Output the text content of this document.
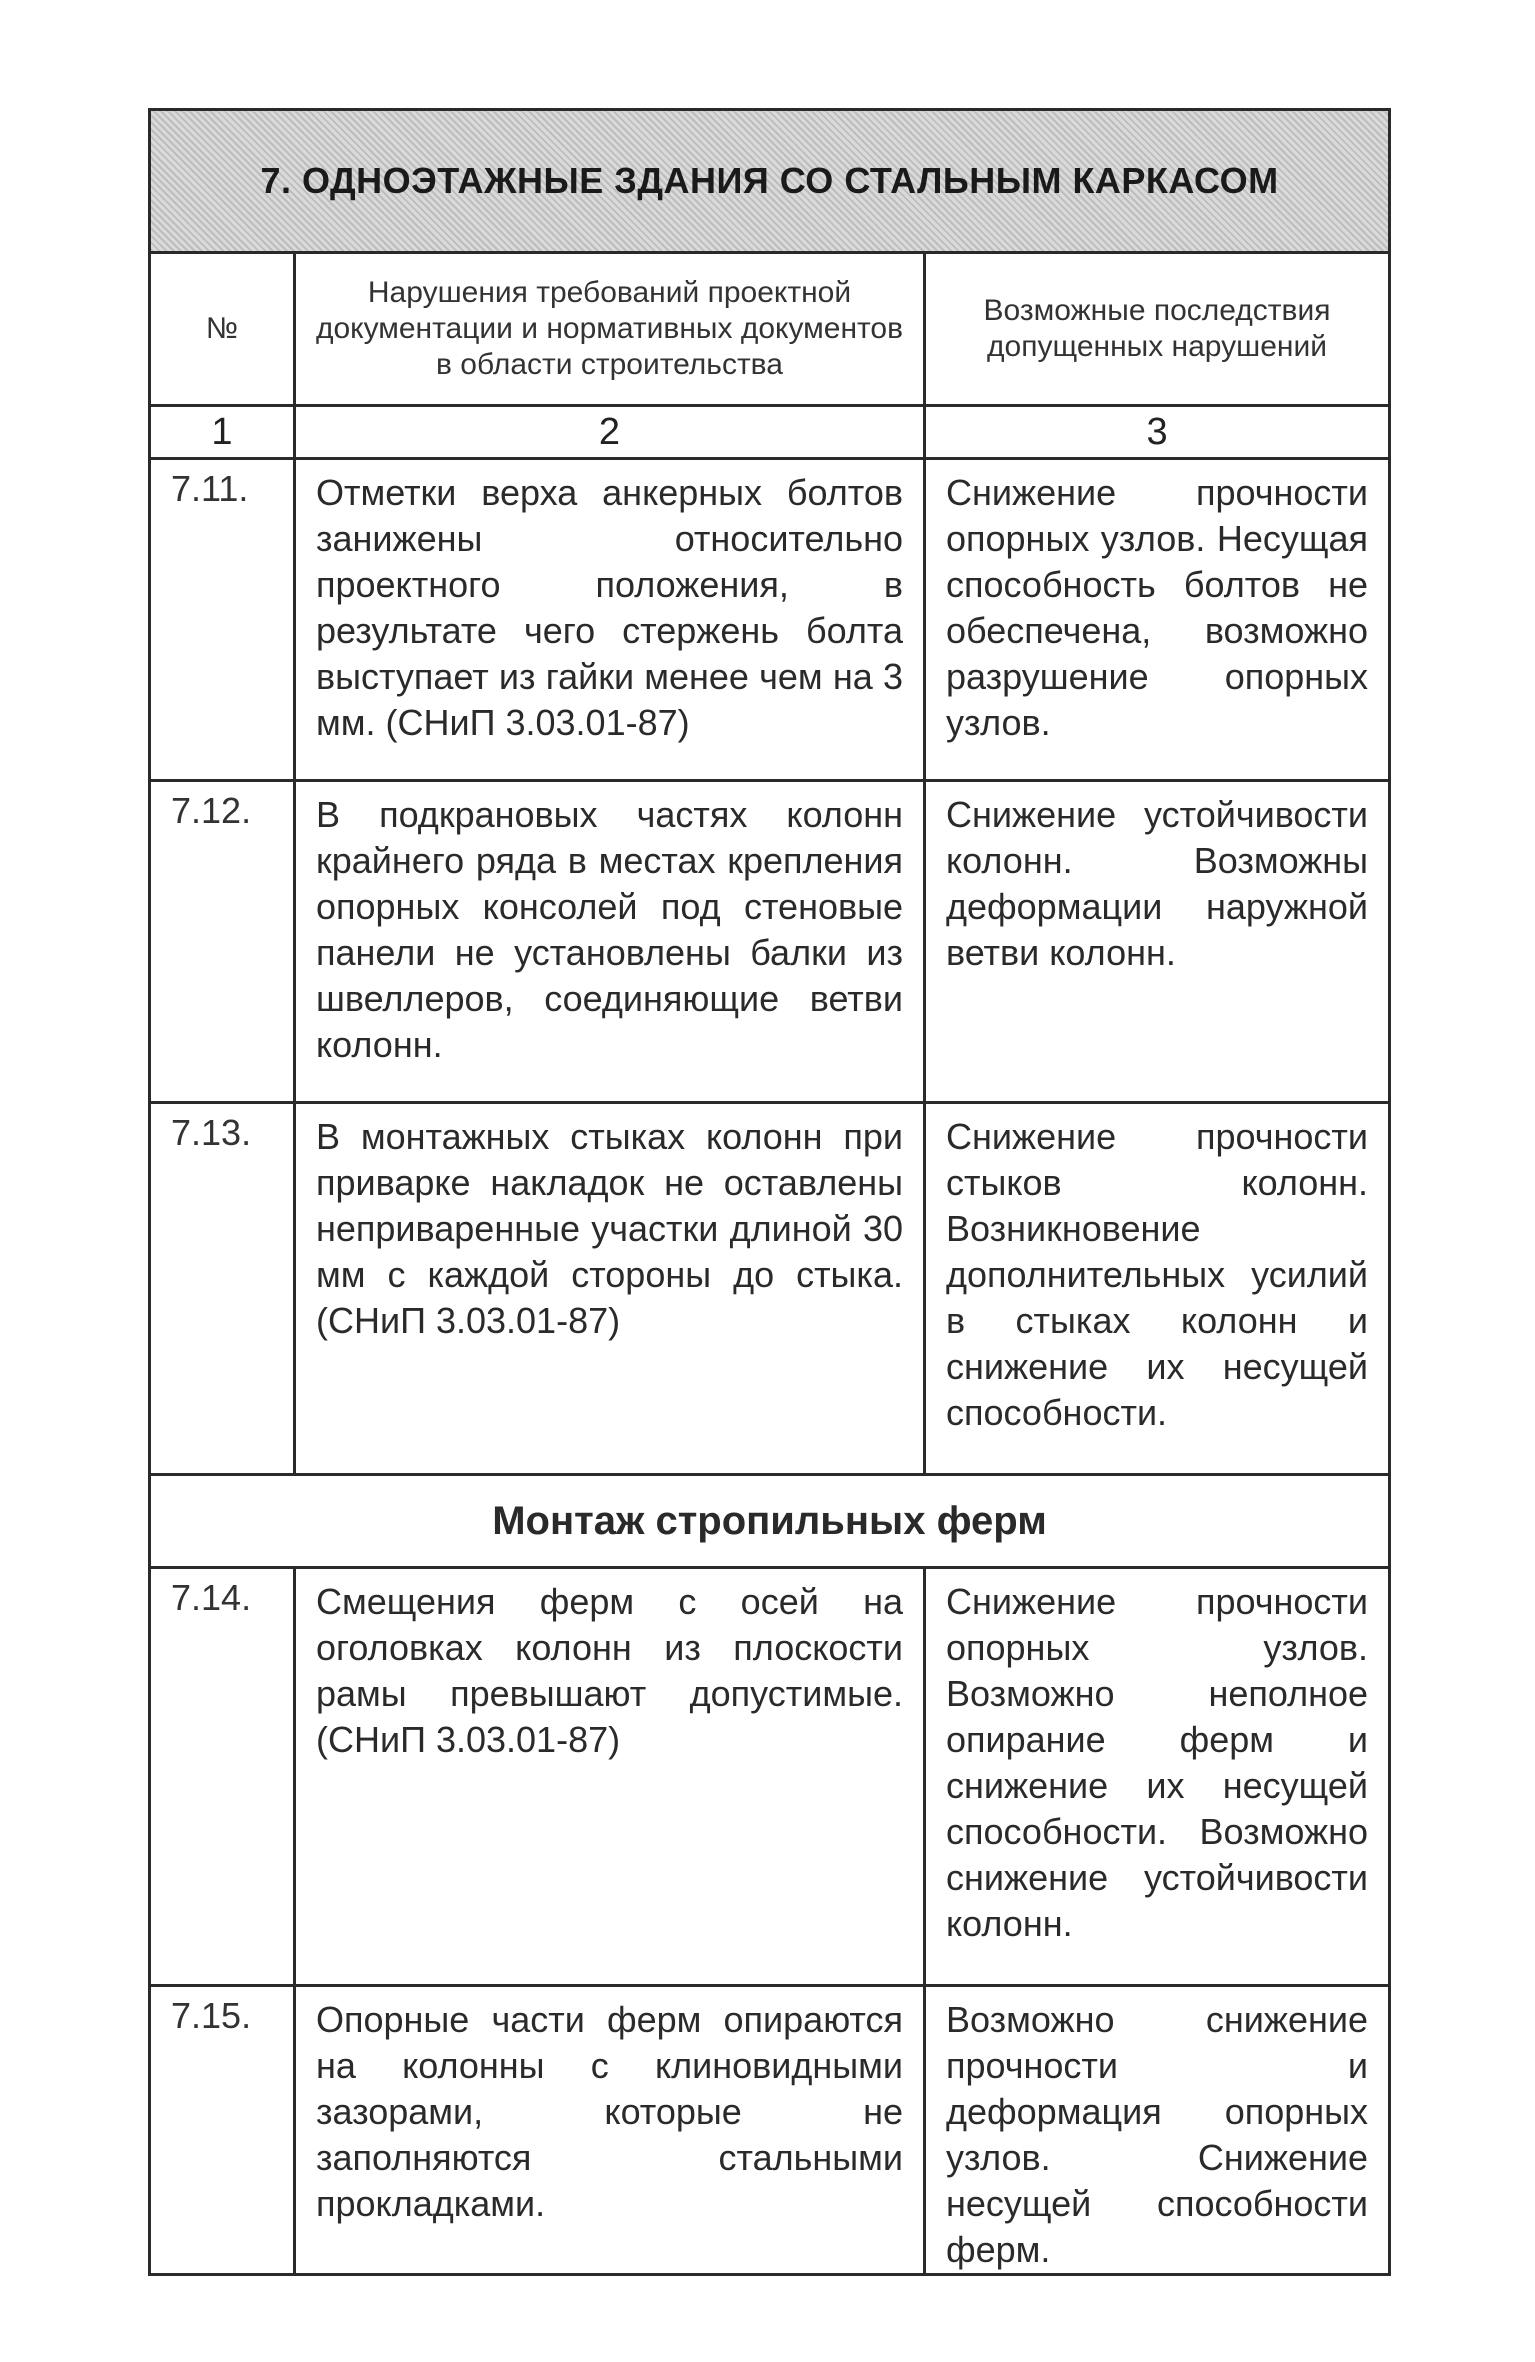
7. ОДНОЭТАЖНЫЕ ЗДАНИЯ СО СТАЛЬНЫМ КАРКАСОМ		
№	Нарушения требований проектной документации и нормативных документов в области строительства	Возможные последствия допущенных нарушений
1	2	3
7.11.	Отметки верха анкерных болтов занижены относительно проектного положения, в результате чего стержень болта выступает из гайки менее чем на 3 мм. (СНиП 3.03.01-87)	Снижение прочности опорных узлов. Несущая способность болтов не обеспечена, возможно разрушение опорных узлов.
7.12.	В подкрановых частях колонн крайнего ряда в местах крепления опорных консолей под стеновые панели не установлены балки из швеллеров, соединяющие ветви колонн.	Снижение устойчивости колонн. Возможны деформации наружной ветви колонн.
7.13.	В монтажных стыках колонн при приварке накладок не оставлены неприваренные участки длиной 30 мм с каждой стороны до стыка. (СНиП 3.03.01-87)	Снижение прочности стыков колонн. Возникновение дополнительных усилий в стыках колонн и снижение их несущей способности.
Монтаж стропильных ферм		
7.14.	Смещения ферм с осей на оголовках колонн из плоскости рамы превышают допустимые. (СНиП 3.03.01-87)	Снижение прочности опорных узлов. Возможно неполное опирание ферм и снижение их несущей способности. Возможно снижение устойчивости колонн.
7.15.	Опорные части ферм опираются на колонны с клиновидными зазорами, которые не заполняются стальными прокладками.	Возможно снижение прочности и деформация опорных узлов. Снижение несущей способности ферм.
